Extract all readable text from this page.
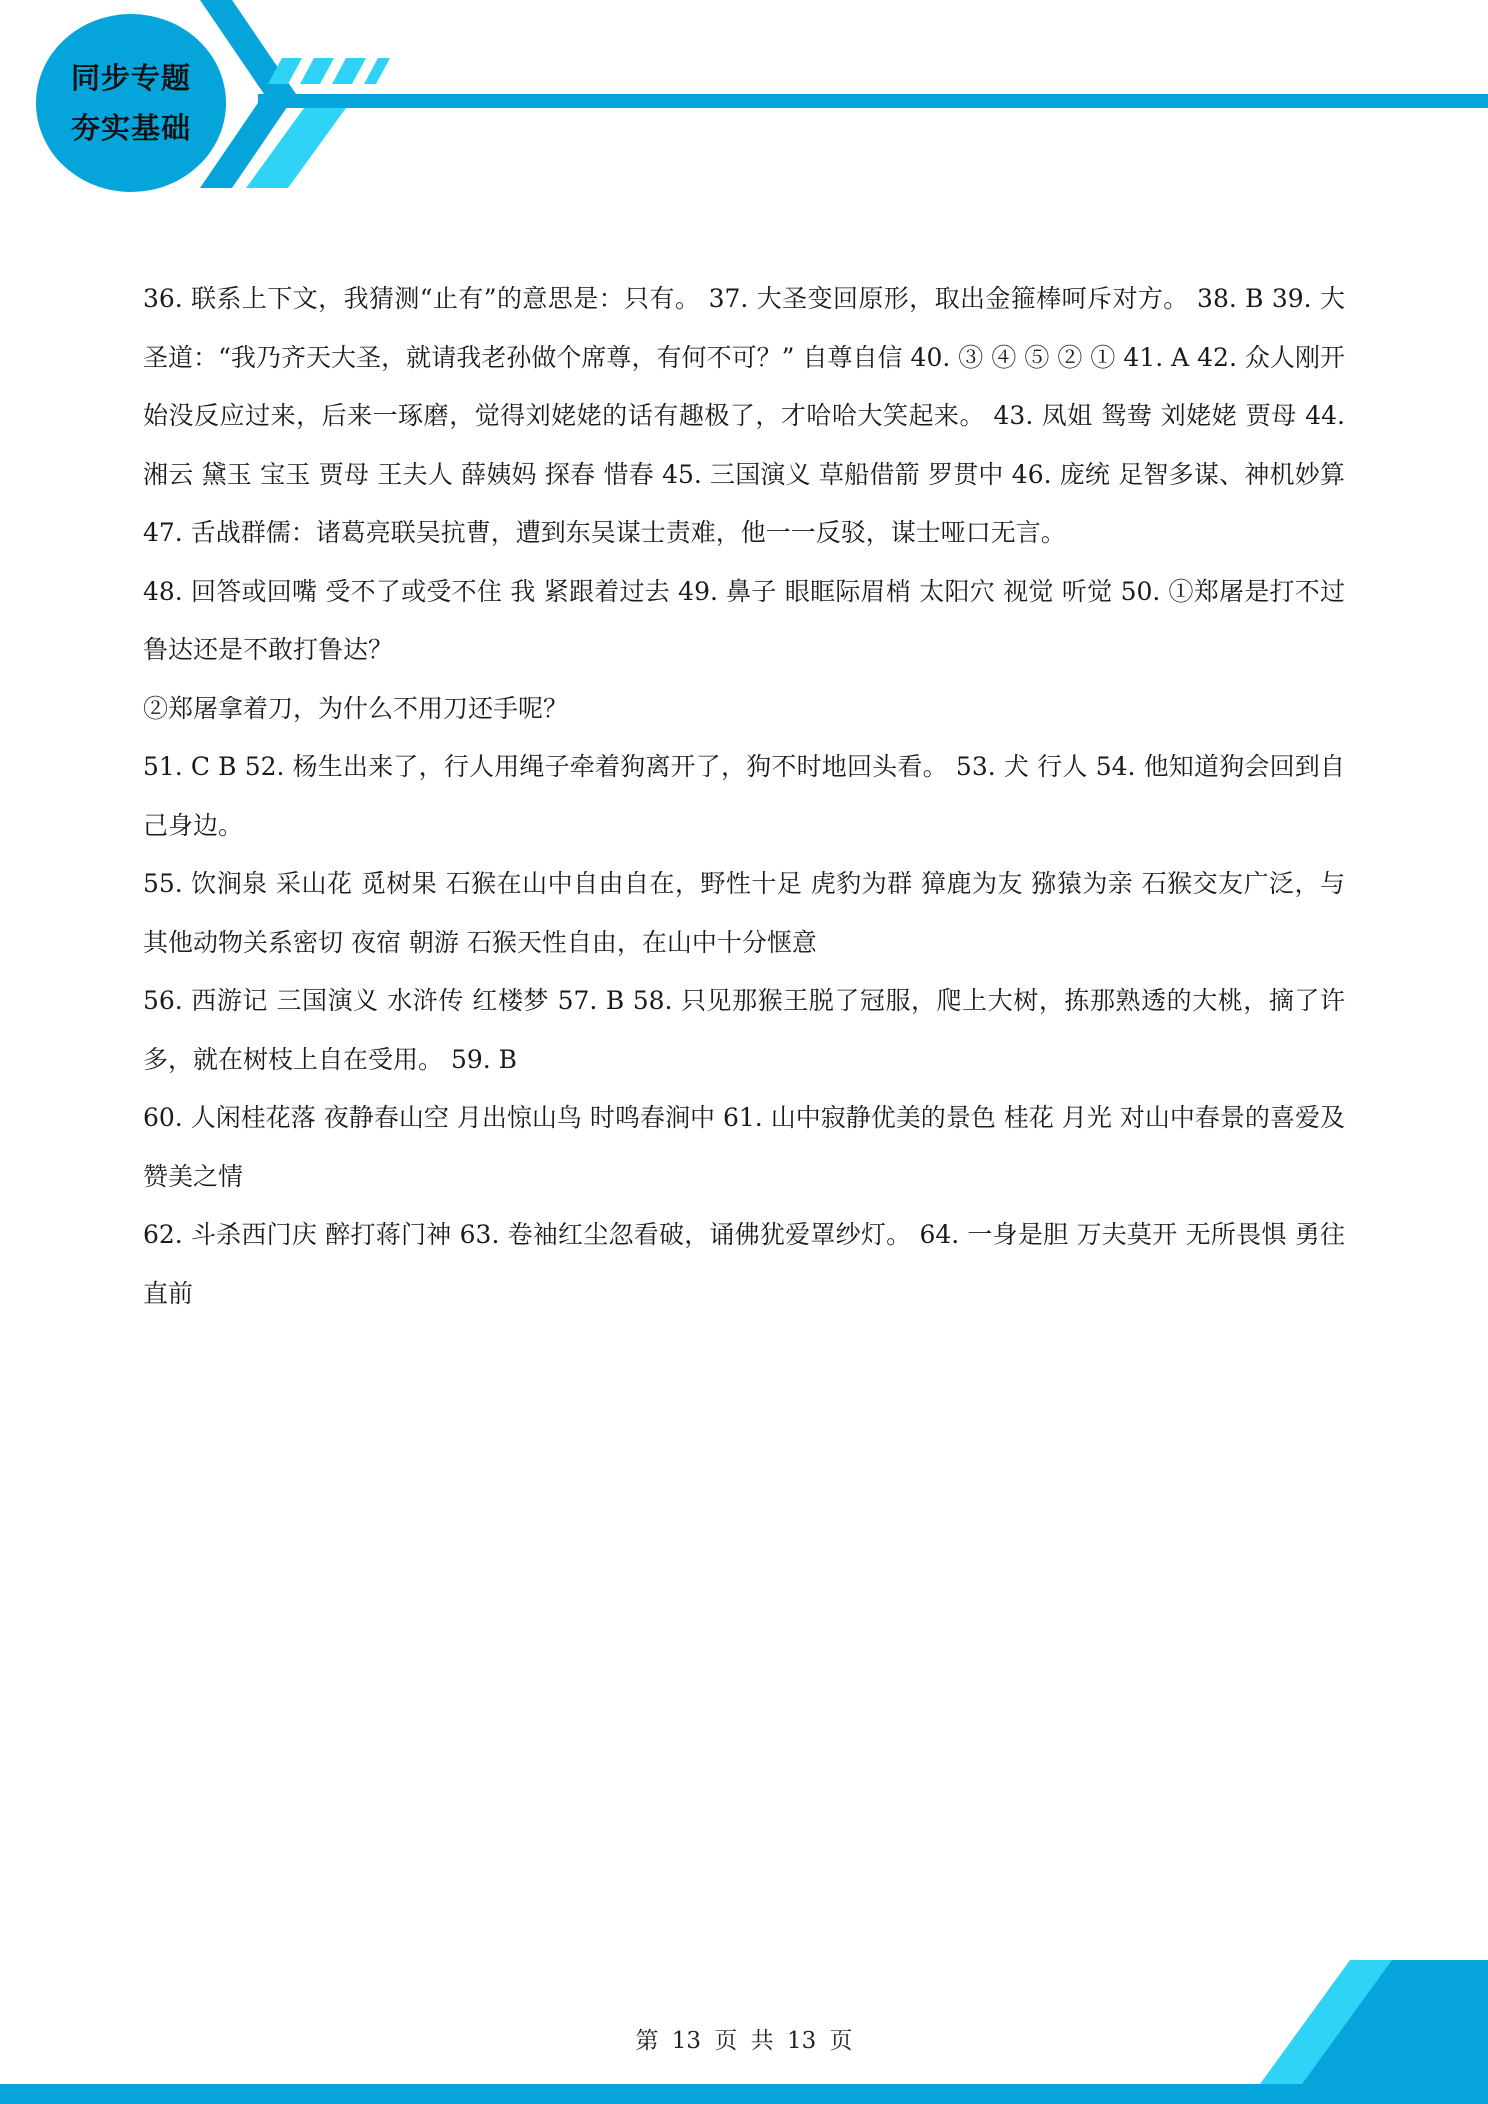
同步专题
夯实基础

36. 联系上下文，我猜测“止有”的意思是：只有。 37. 大圣变回原形，取出金箍棒呵斥对方。 38. B 39. 大圣道：“我乃齐天大圣，就请我老孙做个席尊，有何不可？” 自尊自信 40. ③ ④ ⑤ ② ① 41. A 42. 众人刚开始没反应过来，后来一琢磨，觉得刘姥姥的话有趣极了，才哈哈大笑起来。 43. 凤姐 鸳鸯 刘姥姥 贾母 44. 湘云 黛玉 宝玉 贾母 王夫人 薛姨妈 探春 惜春 45. 三国演义 草船借箭 罗贯中 46. 庞统 足智多谋、神机妙算 47. 舌战群儒：诸葛亮联吴抗曹，遭到东吴谋士责难，他一一反驳，谋士哑口无言。

48. 回答或回嘴 受不了或受不住 我 紧跟着过去 49. 鼻子 眼眶际眉梢 太阳穴 视觉 听觉 50. ①郑屠是打不过鲁达还是不敢打鲁达？

②郑屠拿着刀，为什么不用刀还手呢？

51. C B 52. 杨生出来了，行人用绳子牵着狗离开了，狗不时地回头看。 53. 犬 行人 54. 他知道狗会回到自己身边。

55. 饮涧泉 采山花 觅树果 石猴在山中自由自在，野性十足 虎豹为群 獐鹿为友 猕猿为亲 石猴交友广泛，与其他动物关系密切 夜宿 朝游 石猴天性自由，在山中十分惬意

56. 西游记 三国演义 水浒传 红楼梦 57. B 58. 只见那猴王脱了冠服，爬上大树，拣那熟透的大桃，摘了许多，就在树枝上自在受用。 59. B

60. 人闲桂花落 夜静春山空 月出惊山鸟 时鸣春涧中 61. 山中寂静优美的景色 桂花 月光 对山中春景的喜爱及赞美之情

62. 斗杀西门庆 醉打蒋门神 63. 卷袖红尘忽看破，诵佛犹爱罩纱灯。 64. 一身是胆 万夫莫开 无所畏惧 勇往直前

第 13 页 共 13 页
